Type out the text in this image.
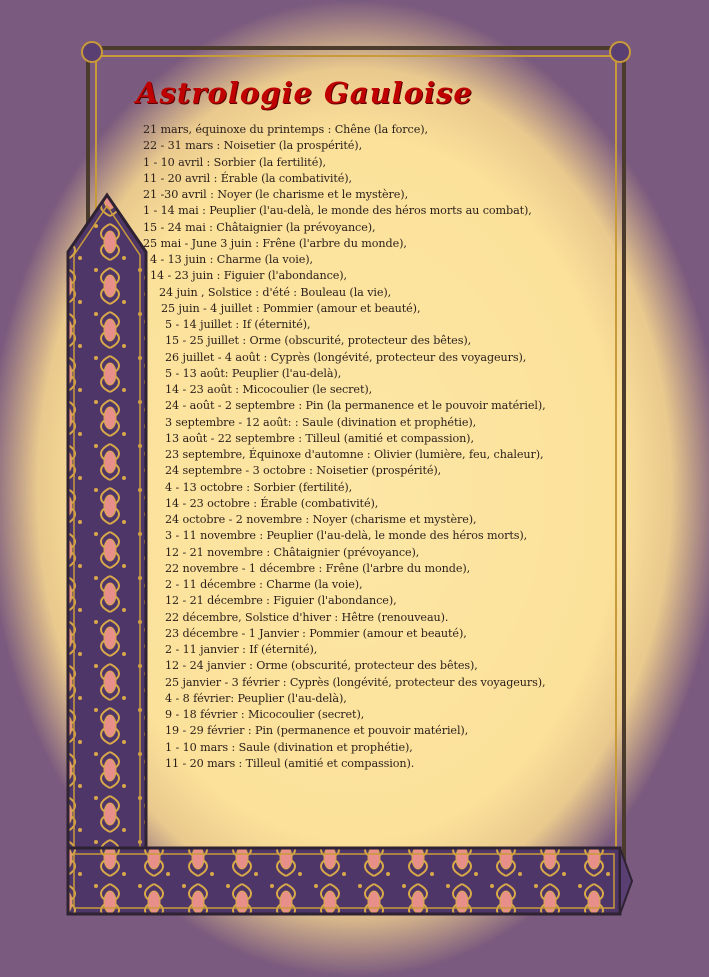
Astrologie Gauloise
21 mars, équinoxe du printemps : Chêne (la force),
22 - 31 mars : Noisetier (la prospérité),
1 - 10 avril : Sorbier (la fertilité),
11 - 20 avril : Érable (la combativité),
21 -30 avril : Noyer (le charisme et le mystère),
1 - 14 mai : Peuplier (l'au-delà, le monde des héros morts au combat),
15 - 24 mai : Châtaignier (la prévoyance),
25 mai - June 3 juin : Frêne (l'arbre du monde),
4 - 13 juin : Charme (la voie),
14 - 23 juin : Figuier (l'abondance),
24 juin , Solstice : d'été : Bouleau (la vie),
25 juin - 4 juillet : Pommier (amour et beauté),
5 - 14 juillet : If (éternité),
15 - 25 juillet : Orme (obscurité, protecteur des bêtes),
26 juillet - 4 août : Cyprès (longévité, protecteur des voyageurs),
5 - 13 août: Peuplier (l'au-delà),
14 - 23 août : Micocoulier (le secret),
24 - août - 2 septembre : Pin (la permanence et le pouvoir matériel),
3 septembre - 12 août: : Saule (divination et prophétie),
13 août - 22 septembre : Tilleul (amitié et compassion),
23 septembre, Équinoxe d'automne : Olivier (lumière, feu, chaleur),
24 septembre - 3 octobre : Noisetier (prospérité),
4 - 13 octobre : Sorbier (fertilité),
14 - 23 octobre : Érable (combativité),
24 octobre - 2 novembre : Noyer (charisme et mystère),
3 - 11 novembre : Peuplier (l'au-delà, le monde des héros morts),
12 - 21 novembre : Châtaignier (prévoyance),
22 novembre - 1 décembre : Frêne (l'arbre du monde),
2 - 11 décembre : Charme (la voie),
12 - 21 décembre : Figuier (l'abondance),
22 décembre, Solstice d'hiver : Hêtre (renouveau).
23 décembre - 1 Janvier : Pommier (amour et beauté),
2 - 11 janvier : If (éternité),
12 - 24 janvier : Orme (obscurité, protecteur des bêtes),
25 janvier - 3 février : Cyprès (longévité, protecteur des voyageurs),
4 - 8 février: Peuplier (l'au-delà),
9 - 18 février : Micocoulier (secret),
19 - 29 février : Pin (permanence et pouvoir matériel),
1 - 10 mars : Saule (divination et prophétie),
11 - 20 mars : Tilleul (amitié et compassion).
